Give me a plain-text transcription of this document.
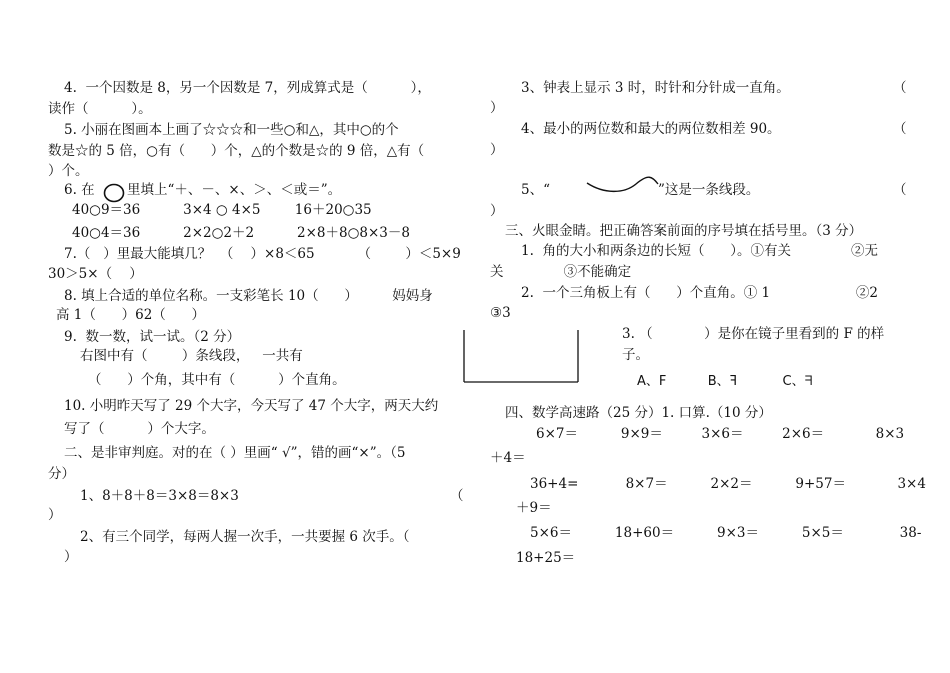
4.  一个因数是 8，另一个因数是 7，列成算式是（          ），
读作（          ）。
5. 小丽在图画本上画了☆☆☆和一些○和△，其中○的个
数是☆的 5 倍，○有（      ）个，△的个数是☆的 9 倍，△有（
）个。
6. 在 里填上“＋、－、×、＞、＜或＝”。
40○9＝36          3×4 ○ 4×5        16＋20○35
40○4＝36          2×2○2＋2          2×8＋8○8×3－8
7.（   ）里最大能填几？  （    ）×8＜65          （        ）＜5×9
30＞5×（    ）
8. 填上合适的单位名称。一支彩笔长 10（      ）        妈妈身
高 1（      ）62（      ）
9.  数一数，试一试。（2 分）
右图中有（        ）条线段，   一共有
（      ）个角，其中有（          ）个直角。
10. 小明昨天写了 29 个大字，今天写了 47 个大字，两天大约
写了（          ）个大字。
二、是非审判庭。对的在（ ）里画“ √”，错的画“×”。（5
分）
1、8＋8＋8＝3×8＝8×3	（
）
2、有三个同学，每两人握一次手，一共要握 6 次手。（
）
3、钟表上显示 3 时，时针和分针成一直角。	（
）
4、最小的两位数和最大的两位数相差 90。	（
）
5、“	”这是一条线段。	（
）
三、火眼金睛。把正确答案前面的序号填在括号里。（3 分）
1.  角的大小和两条边的长短（      ）。①有关              ②无
关              ③不能确定
2.  一个三角板上有（      ）个直角。① 1                    ②2
③3
3. （            ）是你在镜子里看到的 F 的样
子。
A、F          B、ꟻ           C、ᖷ
四、数学高速路（25 分）1. 口算.（10 分）
6×7＝          9×9＝         3×6＝         2×6＝            8×3
＋4＝
36+4=           8×7＝          2×2＝          9+57＝            3×4
＋9＝
5×6＝          18+60＝          9×3＝          5×5＝             38-
18+25＝
